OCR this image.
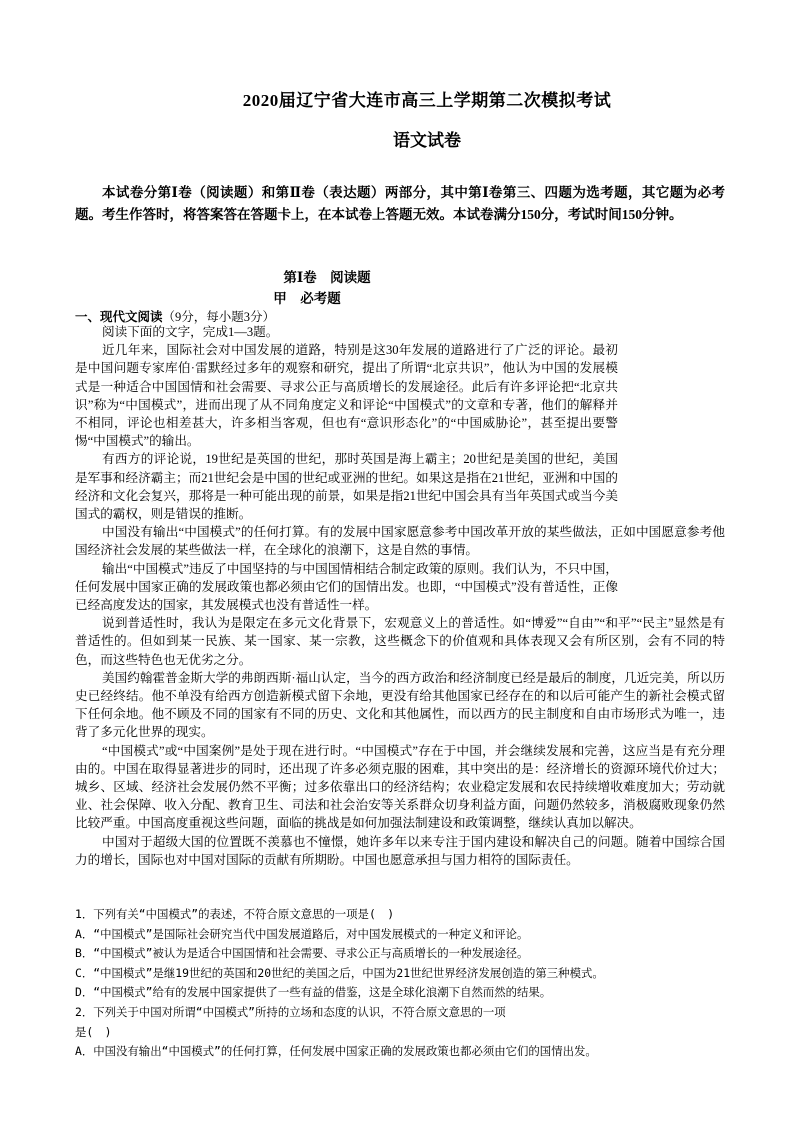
2020届辽宁省大连市高三上学期第二次模拟考试
语文试卷
本试卷分第Ⅰ卷（阅读题）和第Ⅱ卷（表达题）两部分，其中第Ⅰ卷第三、四题为选考题，其它题为必考题。考生作答时，将答案答在答题卡上，在本试卷上答题无效。本试卷满分150分，考试时间150分钟。
第Ⅰ卷　阅读题
甲　必考题
一、现代文阅读（9分，每小题3分）

阅读下面的文字，完成1—3题。

近几年来，国际社会对中国发展的道路，特别是这30年发展的道路进行了广泛的评论。最初是中国问题专家库伯·雷默经过多年的观察和研究，提出了所谓“北京共识”，他认为中国的发展模式是一种适合中国国情和社会需要、寻求公正与高质增长的发展途径。此后有许多评论把“北京共识”称为“中国模式”，进而出现了从不同角度定义和评论“中国模式”的文章和专著，他们的解释并不相同，评论也相差甚大，许多相当客观，但也有“意识形态化”的“中国威胁论”，甚至提出要警惕“中国模式”的输出。

有西方的评论说，19世纪是英国的世纪，那时英国是海上霸主；20世纪是美国的世纪，美国是军事和经济霸主；而21世纪会是中国的世纪或亚洲的世纪。如果这是指在21世纪，亚洲和中国的经济和文化会复兴，那将是一种可能出现的前景，如果是指21世纪中国会具有当年英国式或当今美国式的霸权，则是错误的推断。

中国没有输出“中国模式”的任何打算。有的发展中国家愿意参考中国改革开放的某些做法，正如中国愿意参考他国经济社会发展的某些做法一样，在全球化的浪潮下，这是自然的事情。

输出“中国模式”违反了中国坚持的与中国国情相结合制定政策的原则。我们认为，不只中国，任何发展中国家正确的发展政策也都必须由它们的国情出发。也即，“中国模式”没有普适性，正像已经高度发达的国家，其发展模式也没有普适性一样。

说到普适性时，我认为是限定在多元文化背景下，宏观意义上的普适性。如“博爱”“自由”“和平”“民主”显然是有普适性的。但如到某一民族、某一国家、某一宗教，这些概念下的价值观和具体表现又会有所区别，会有不同的特色，而这些特色也无优劣之分。

美国约翰霍普金斯大学的弗朗西斯·福山认定，当今的西方政治和经济制度已经是最后的制度，几近完美，所以历史已经终结。他不单没有给西方创造新模式留下余地，更没有给其他国家已经存在的和以后可能产生的新社会模式留下任何余地。他不顾及不同的国家有不同的历史、文化和其他属性，而以西方的民主制度和自由市场形式为唯一，违背了多元化世界的现实。

“中国模式”或“中国案例”是处于现在进行时。“中国模式”存在于中国，并会继续发展和完善，这应当是有充分理由的。中国在取得显著进步的同时，还出现了许多必须克服的困难，其中突出的是：经济增长的资源环境代价过大；城乡、区域、经济社会发展仍然不平衡；过多依靠出口的经济结构；农业稳定发展和农民持续增收难度加大；劳动就业、社会保障、收入分配、教育卫生、司法和社会治安等关系群众切身利益方面，问题仍然较多，消极腐败现象仍然比较严重。中国高度重视这些问题，面临的挑战是如何加强法制建设和政策调整，继续认真加以解决。

中国对于超级大国的位置既不羡慕也不憧憬，她许多年以来专注于国内建设和解决自己的问题。随着中国综合国力的增长，国际也对中国对国际的贡献有所期盼。中国也愿意承担与国力相符的国际责任。

1．下列有关“中国模式”的表述，不符合原文意思的一项是(　)
A．“中国模式”是国际社会研究当代中国发展道路后，对中国发展模式的一种定义和评论。
B．“中国模式”被认为是适合中国国情和社会需要、寻求公正与高质增长的一种发展途径。
C．“中国模式”是继19世纪的英国和20世纪的美国之后，中国为21世纪世界经济发展创造的第三种模式。
D．“中国模式”给有的发展中国家提供了一些有益的借鉴，这是全球化浪潮下自然而然的结果。
2．下列关于中国对所谓“中国模式”所持的立场和态度的认识，不符合原文意思的一项
是(　)
A．中国没有输出“中国模式”的任何打算，任何发展中国家正确的发展政策也都必须由它们的国情出发。
